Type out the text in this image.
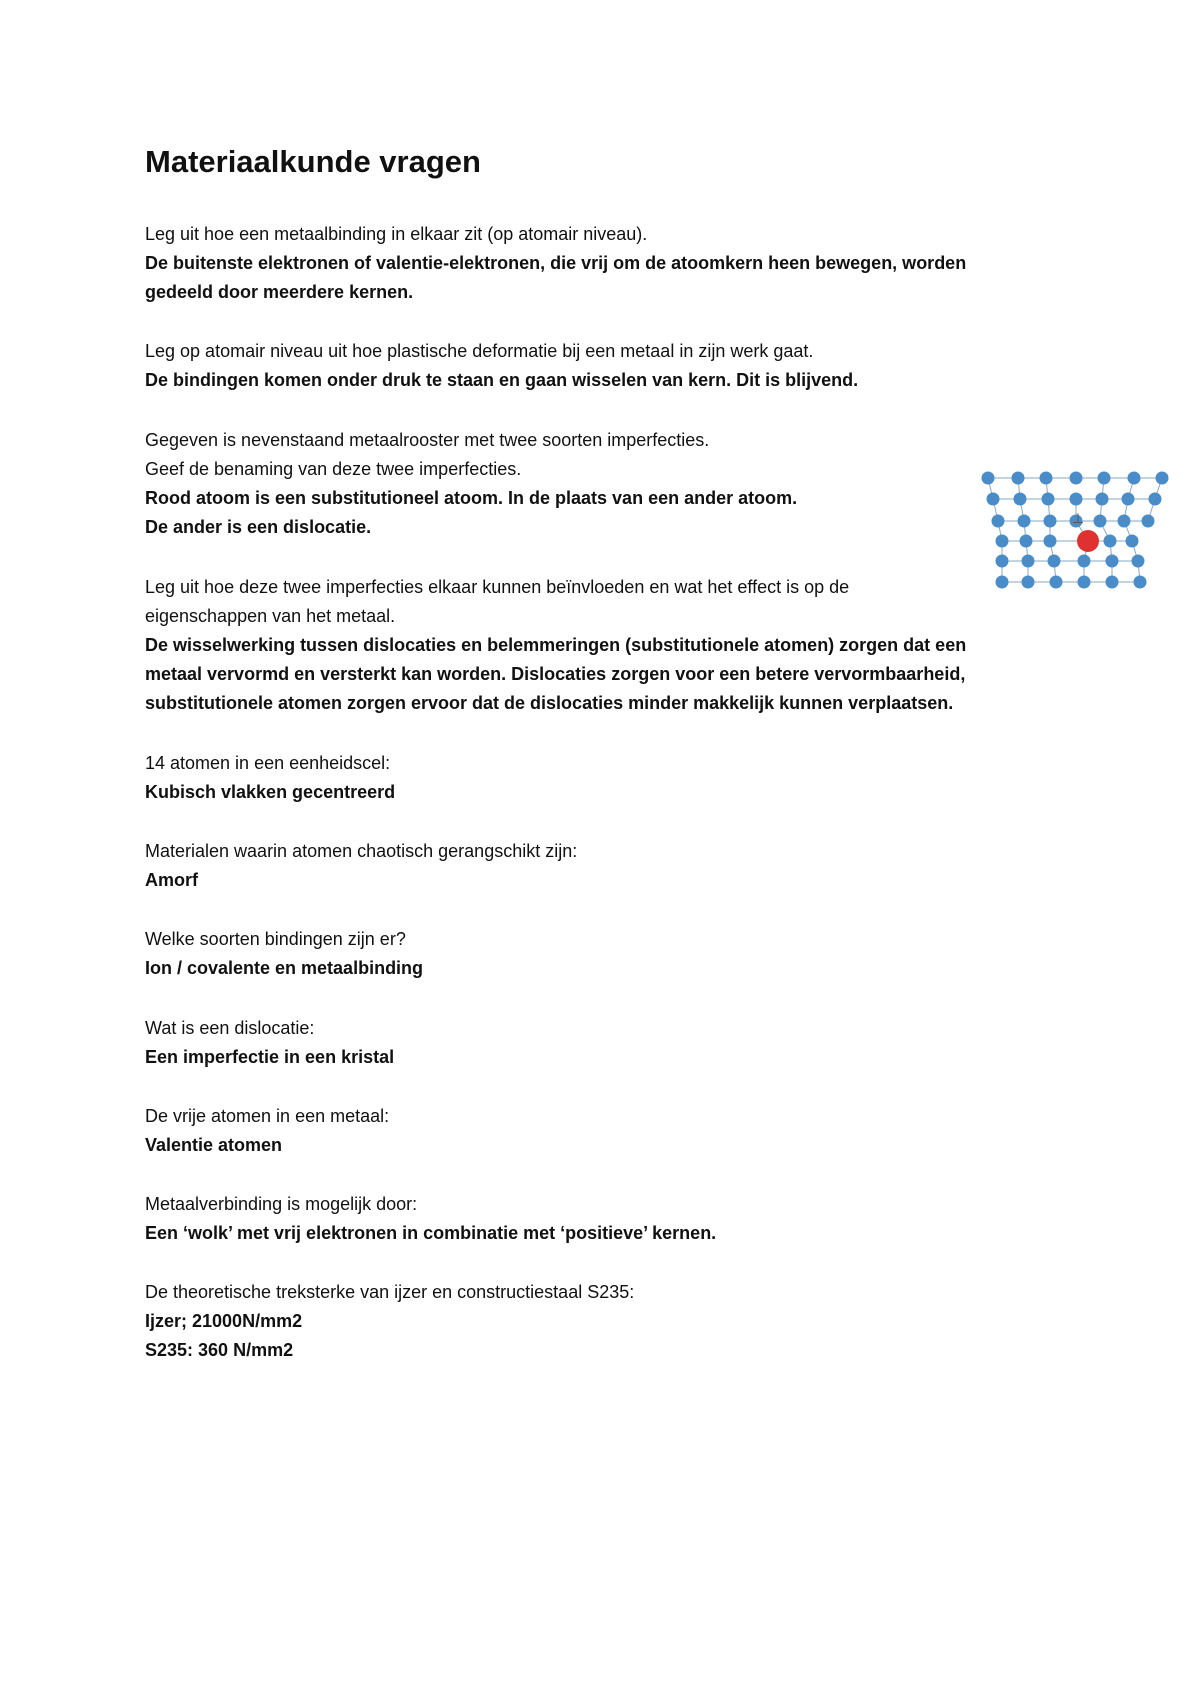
Materiaalkunde vragen
Leg uit hoe een metaalbinding in elkaar zit (op atomair niveau).
De buitenste elektronen of valentie-elektronen, die vrij om de atoomkern heen bewegen, worden
gedeeld door meerdere kernen.
Leg op atomair niveau uit hoe plastische deformatie bij een metaal in zijn werk gaat.
De bindingen komen onder druk te staan en gaan wisselen van kern. Dit is blijvend.
Gegeven is nevenstaand metaalrooster met twee soorten imperfecties.
Geef de benaming van deze twee imperfecties.
Rood atoom is een substitutioneel atoom. In de plaats van een ander atoom.
De ander is een dislocatie.
Leg uit hoe deze twee imperfecties elkaar kunnen beïnvloeden en wat het effect is op de
eigenschappen van het metaal.
De wisselwerking tussen dislocaties en belemmeringen (substitutionele atomen) zorgen dat een
metaal vervormd en versterkt kan worden. Dislocaties zorgen voor een betere vervormbaarheid,
substitutionele atomen zorgen ervoor dat de dislocaties minder makkelijk kunnen verplaatsen.
14 atomen in een eenheidscel:
Kubisch vlakken gecentreerd
Materialen waarin atomen chaotisch gerangschikt zijn:
Amorf
Welke soorten bindingen zijn er?
Ion / covalente en metaalbinding
Wat is een dislocatie:
Een imperfectie in een kristal
De vrije atomen in een metaal:
Valentie atomen
Metaalverbinding is mogelijk door:
Een ‘wolk’ met vrij elektronen in combinatie met ‘positieve’ kernen.
De theoretische treksterke van ijzer en constructiestaal S235:
Ijzer; 21000N/mm2
S235: 360 N/mm2
⊥
